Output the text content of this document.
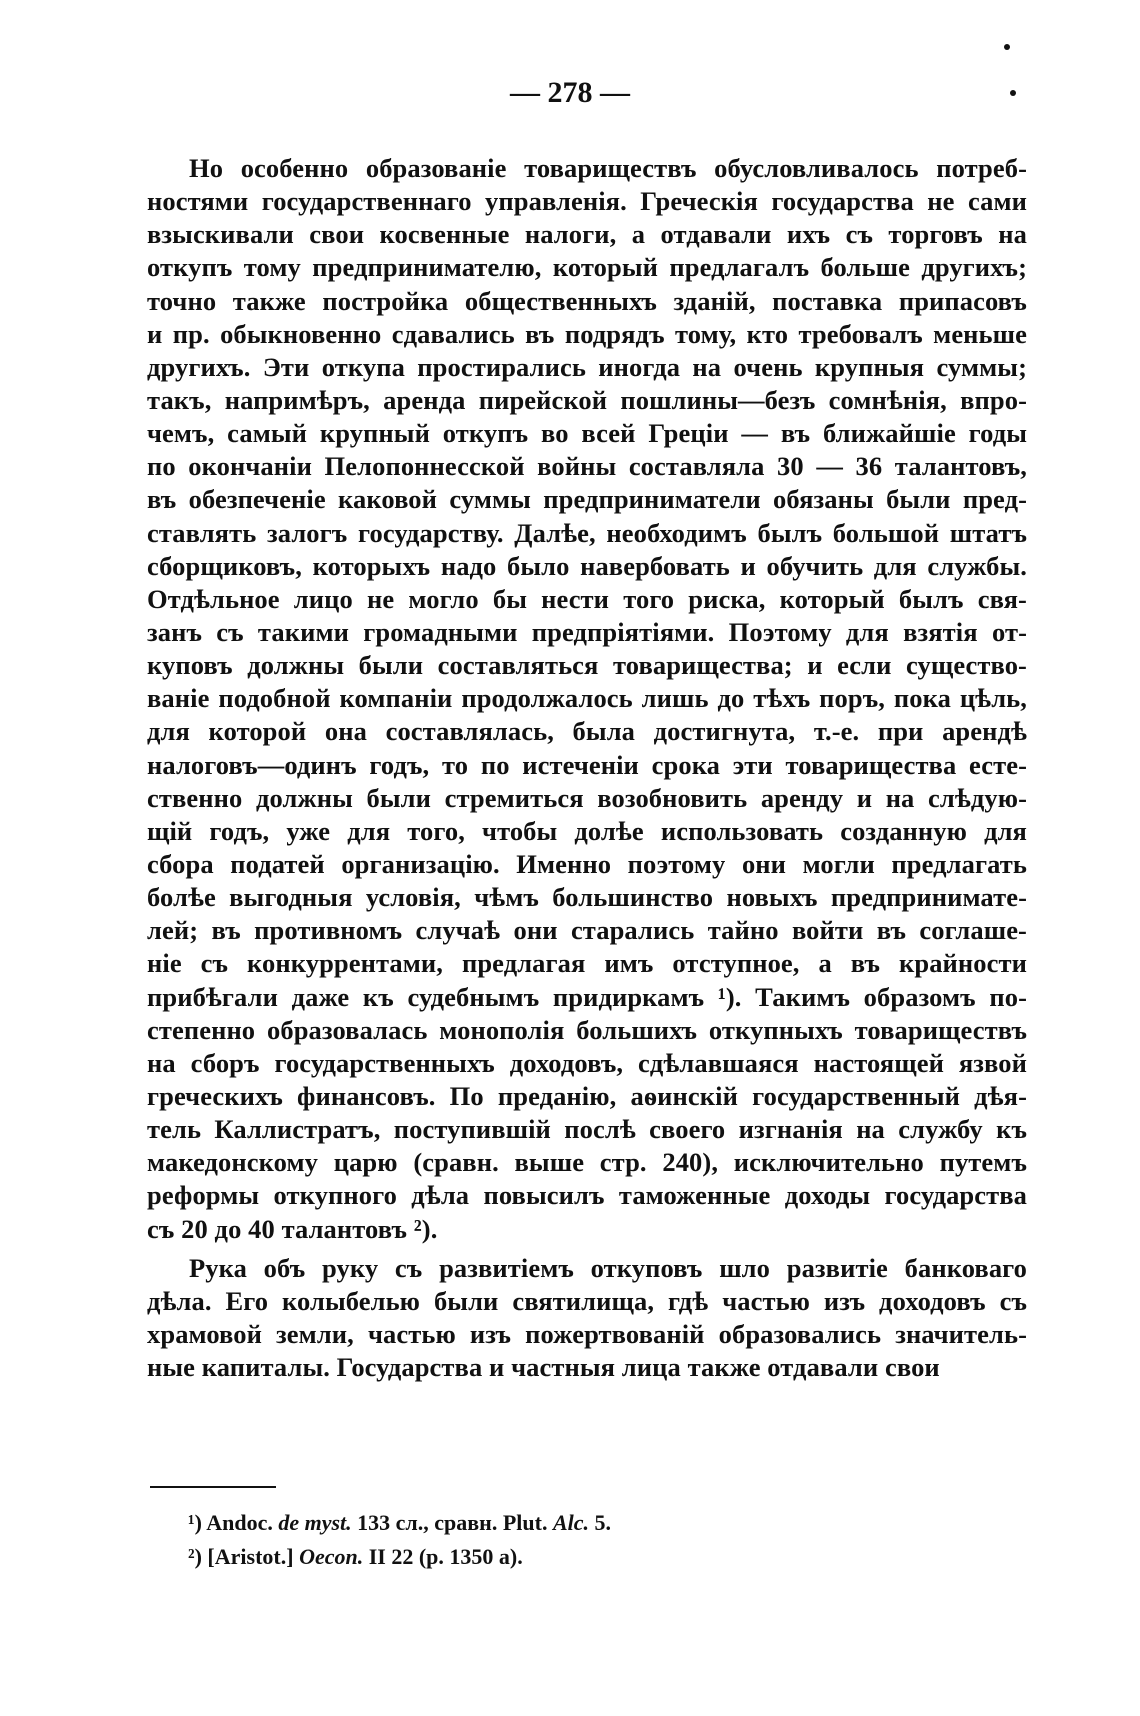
— 278 —
Но особенно образованіе товариществъ обусловливалось потреб-
ностями государственнаго управленія. Греческія государства не сами
взыскивали свои косвенные налоги, а отдавали ихъ съ торговъ на
откупъ тому предпринимателю, который предлагалъ больше другихъ;
точно также постройка общественныхъ зданій, поставка припасовъ
и пр. обыкновенно сдавались въ подрядъ тому, кто требовалъ меньше
другихъ. Эти откупа простирались иногда на очень крупныя суммы;
такъ, напримѣръ, аренда пирейской пошлины—безъ сомнѣнія, впро-
чемъ, самый крупный откупъ во всей Греціи — въ ближайшіе годы
по окончаніи Пелопоннесской войны составляла 30 — 36 талантовъ,
въ обезпеченіе каковой суммы предприниматели обязаны были пред-
ставлять залогъ государству. Далѣе, необходимъ былъ большой штатъ
сборщиковъ, которыхъ надо было навербовать и обучить для службы.
Отдѣльное лицо не могло бы нести того риска, который былъ свя-
занъ съ такими громадными предпріятіями. Поэтому для взятія от-
куповъ должны были составляться товарищества; и если существо-
ваніе подобной компаніи продолжалось лишь до тѣхъ поръ, пока цѣль,
для которой она составлялась, была достигнута, т.-е. при арендѣ
налоговъ—одинъ годъ, то по истеченіи срока эти товарищества есте-
ственно должны были стремиться возобновить аренду и на слѣдую-
щій годъ, уже для того, чтобы долѣе использовать созданную для
сбора податей организацію. Именно поэтому они могли предлагать
болѣе выгодныя условія, чѣмъ большинство новыхъ предпринимате-
лей; въ противномъ случаѣ они старались тайно войти въ соглаше-
ніе съ конкуррентами, предлагая имъ отступное, а въ крайности
прибѣгали даже къ судебнымъ придиркамъ ¹). Такимъ образомъ по-
степенно образовалась монополія большихъ откупныхъ товариществъ
на сборъ государственныхъ доходовъ, сдѣлавшаяся настоящей язвой
греческихъ финансовъ. По преданію, аѳинскій государственный дѣя-
тель Каллистратъ, поступившій послѣ своего изгнанія на службу къ
македонскому царю (сравн. выше стр. 240), исключительно путемъ
реформы откупного дѣла повысилъ таможенные доходы государства
съ 20 до 40 талантовъ ²).
Рука объ руку съ развитіемъ откуповъ шло развитіе банковаго
дѣла. Его колыбелью были святилища, гдѣ частью изъ доходовъ съ
храмовой земли, частью изъ пожертвованій образовались значитель-
ные капиталы. Государства и частныя лица также отдавали свои
¹) Andoc. de myst. 133 сл., сравн. Plut. Alc. 5.
²) [Aristot.] Oecon. II 22 (p. 1350 a).
